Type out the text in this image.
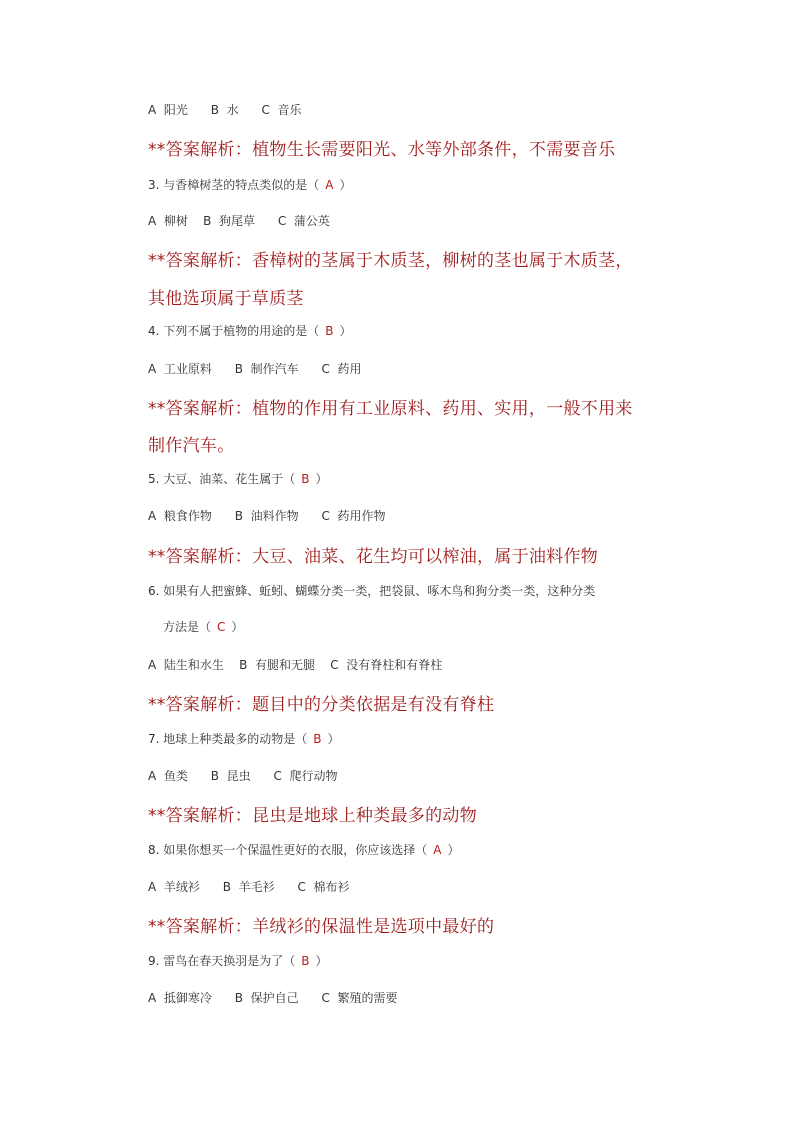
A  阳光      B  水      C  音乐
**答案解析：植物生长需要阳光、水等外部条件，不需要音乐
3. 与香樟树茎的特点类似的是（ A ）
A  柳树    B  狗尾草      C  蒲公英
**答案解析：香樟树的茎属于木质茎，柳树的茎也属于木质茎，
其他选项属于草质茎
4. 下列不属于植物的用途的是（ B ）
A  工业原料      B  制作汽车      C  药用
**答案解析：植物的作用有工业原料、药用、实用，一般不用来
制作汽车。
5. 大豆、油菜、花生属于（ B ）
A  粮食作物      B  油料作物      C  药用作物
**答案解析：大豆、油菜、花生均可以榨油，属于油料作物
6. 如果有人把蜜蜂、蚯蚓、蝴蝶分类一类，把袋鼠、啄木鸟和狗分类一类，这种分类
方法是（ C ）
A  陆生和水生    B  有腿和无腿    C  没有脊柱和有脊柱
**答案解析：题目中的分类依据是有没有脊柱
7. 地球上种类最多的动物是（ B ）
A  鱼类      B  昆虫      C  爬行动物
**答案解析：昆虫是地球上种类最多的动物
8. 如果你想买一个保温性更好的衣服，你应该选择（ A ）
A  羊绒衫      B  羊毛衫      C  棉布衫
**答案解析：羊绒衫的保温性是选项中最好的
9. 雷鸟在春天换羽是为了（ B ）
A  抵御寒冷      B  保护自己      C  繁殖的需要
